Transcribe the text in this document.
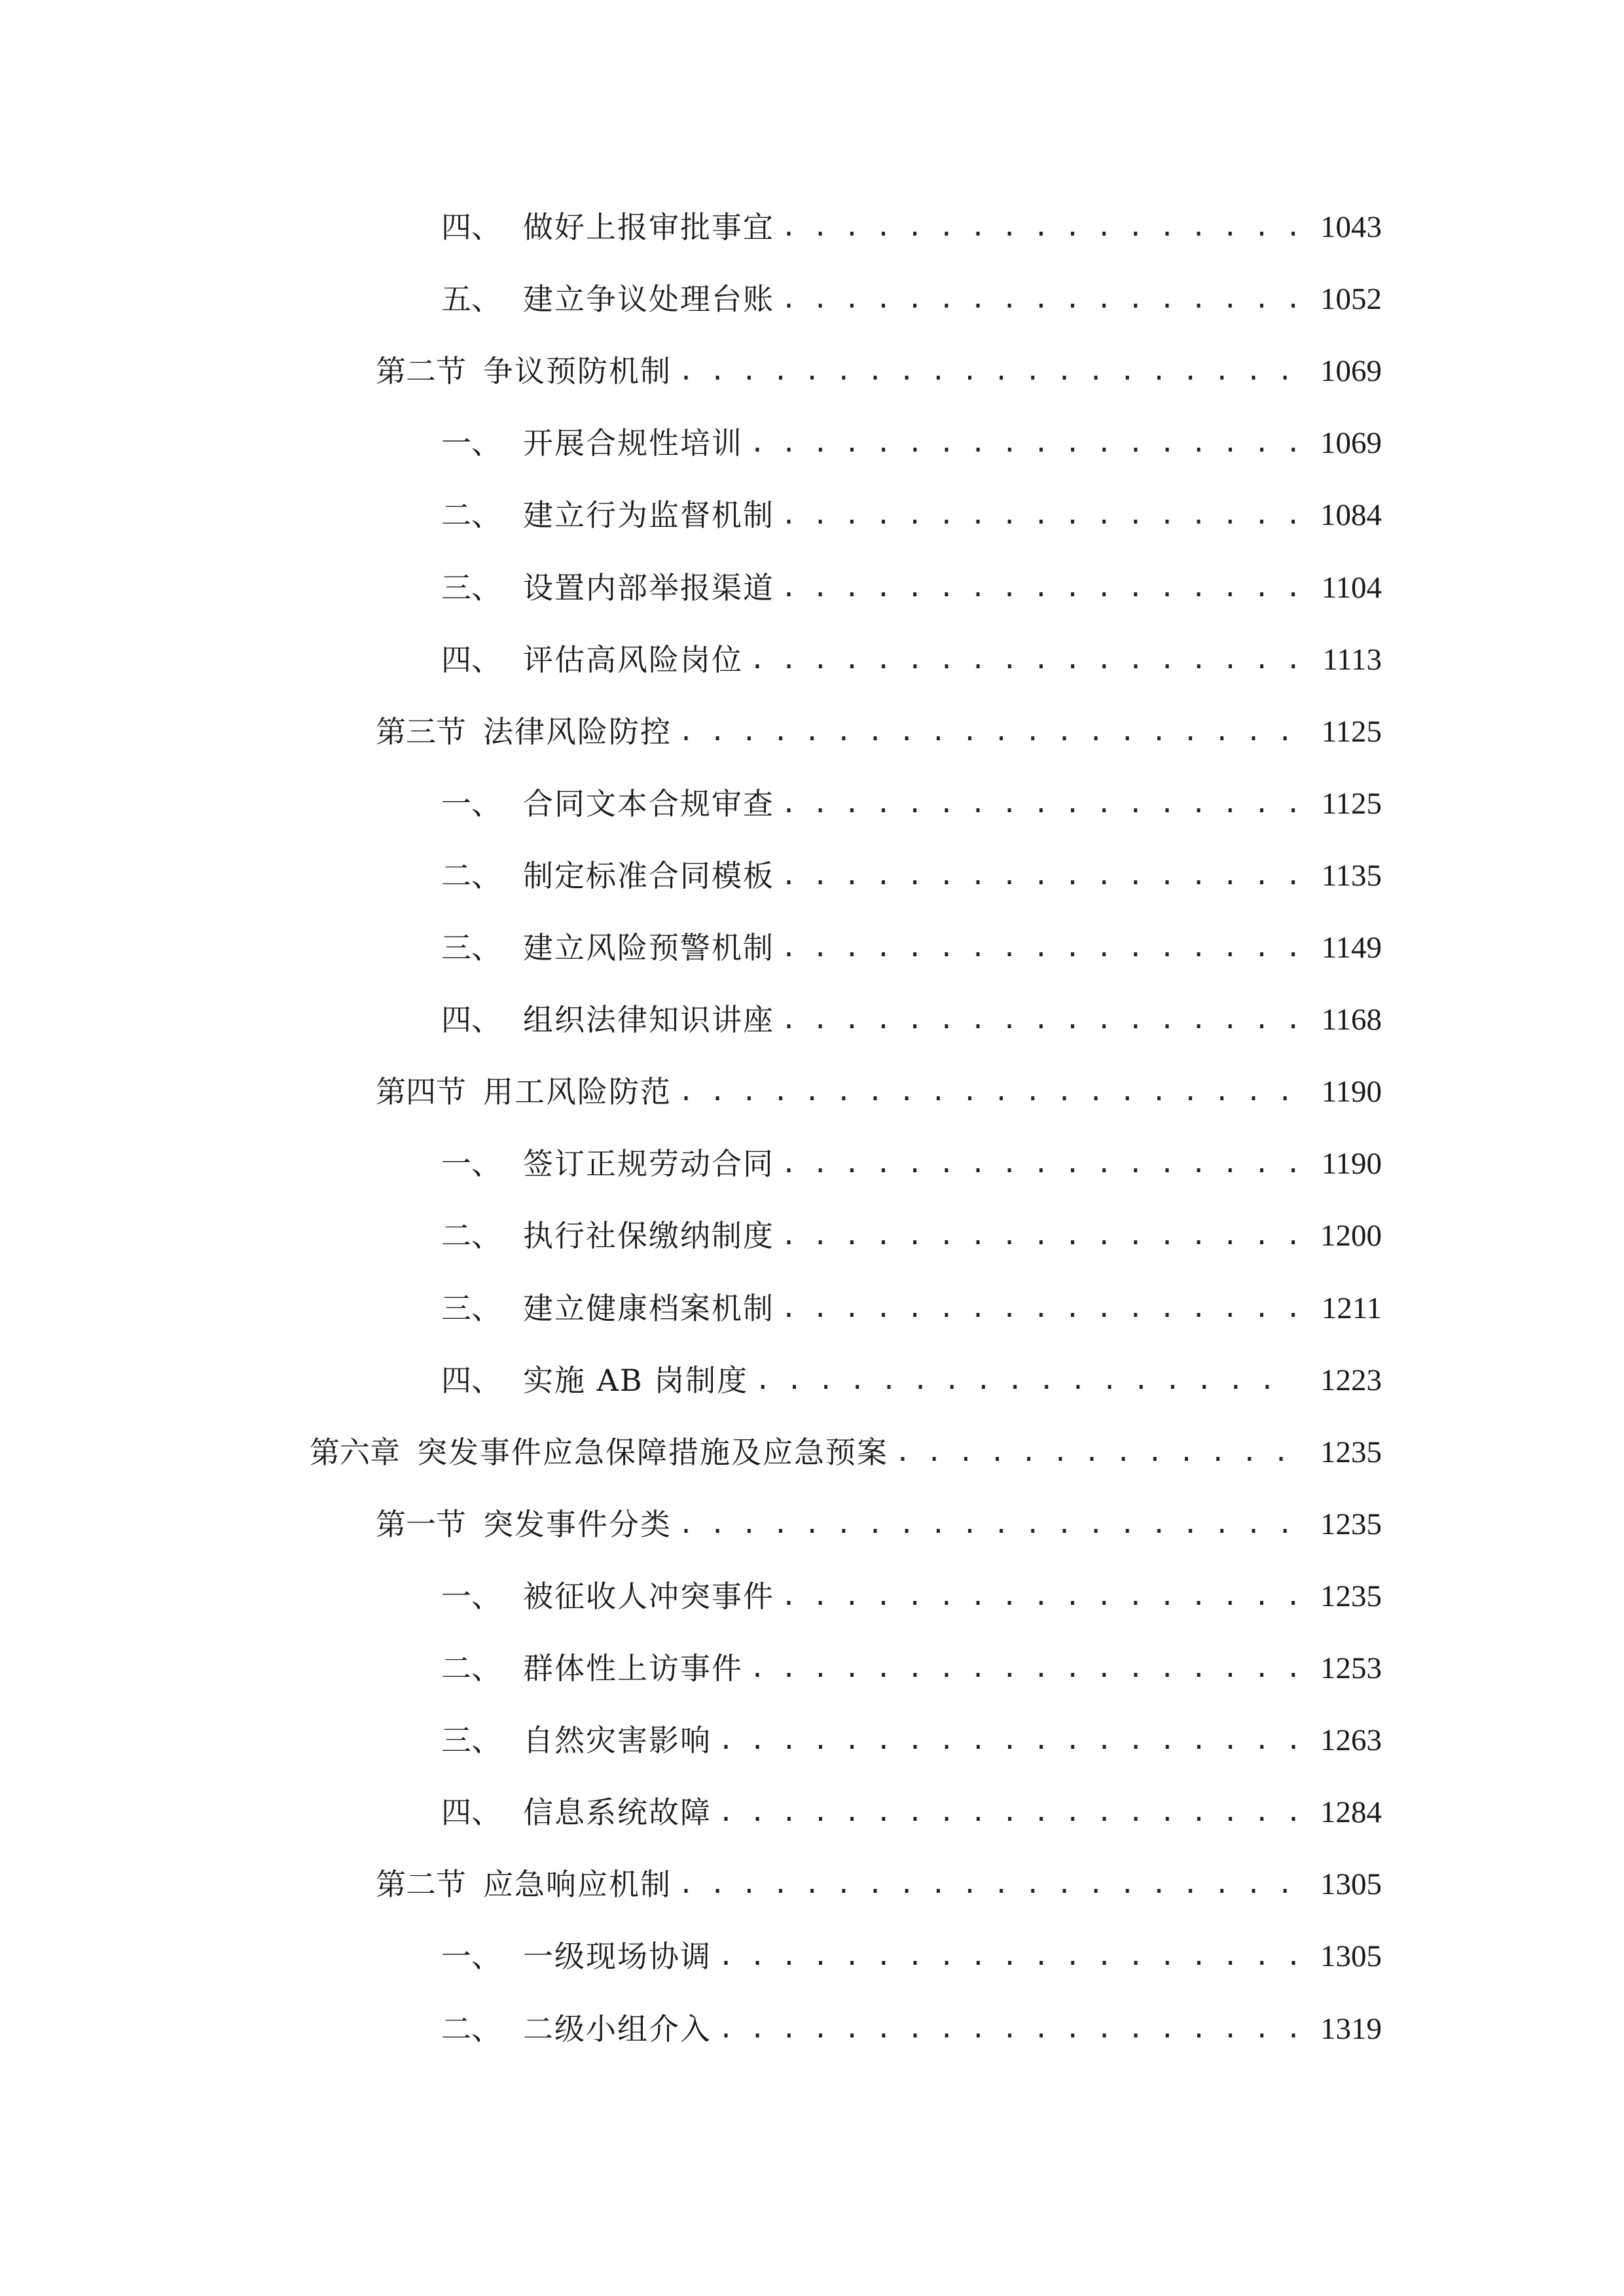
四、 做好上报审批事宜 . . .	1043
五、 建立争议处理台账 . . .	1052
第二节 争议预防机制 . . .	1069
一、 开展合规性培训 . . .	1069
二、 建立行为监督机制 . . .	1084
三、 设置内部举报渠道 . . .	1104
四、 评估高风险岗位 . . .	1113
第三节 法律风险防控 . . .	1125
一、 合同文本合规审查 . . .	1125
二、 制定标准合同模板 . . .	1135
三、 建立风险预警机制 . . .	1149
四、 组织法律知识讲座 . . .	1168
第四节 用工风险防范 . . .	1190
一、 签订正规劳动合同 . . .	1190
二、 执行社保缴纳制度 . . .	1200
三、 建立健康档案机制 . . .	1211
四、 实施 AB 岗制度 . . .	1223
第六章 突发事件应急保障措施及应急预案 . . .	1235
第一节 突发事件分类 . . .	1235
一、 被征收人冲突事件 . . .	1235
二、 群体性上访事件 . . .	1253
三、 自然灾害影响 . . .	1263
四、 信息系统故障 . . .	1284
第二节 应急响应机制 . . .	1305
一、 一级现场协调 . . .	1305
二、 二级小组介入 . . .	1319
